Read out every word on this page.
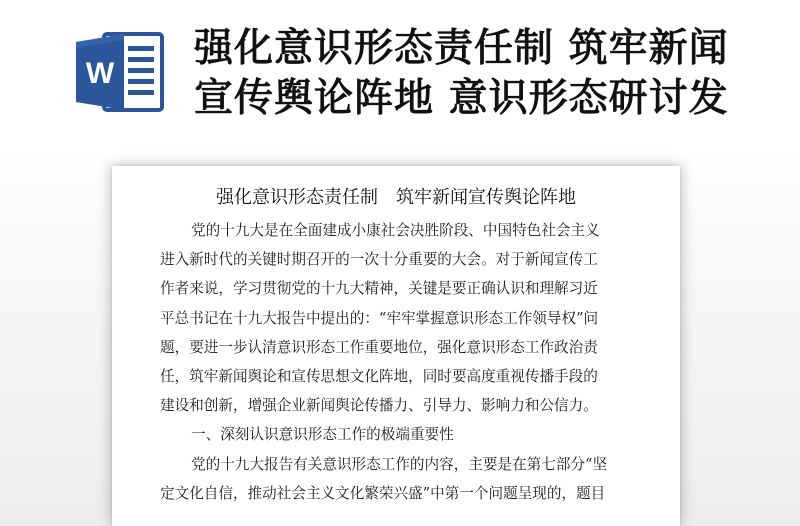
W
强化意识形态责任制 筑牢新闻
宣传舆论阵地 意识形态研讨发
强化意识形态责任制　筑牢新闻宣传舆论阵地
党的十九大是在全面建成小康社会决胜阶段、中国特色社会主义
进入新时代的关键时期召开的一次十分重要的大会。对于新闻宣传工
作者来说，学习贯彻党的十九大精神，关键是要正确认识和理解习近
平总书记在十九大报告中提出的：“牢牢掌握意识形态工作领导权”问
题，要进一步认清意识形态工作重要地位，强化意识形态工作政治责
任，筑牢新闻舆论和宣传思想文化阵地，同时要高度重视传播手段的
建设和创新，增强企业新闻舆论传播力、引导力、影响力和公信力。
一、深刻认识意识形态工作的极端重要性
党的十九大报告有关意识形态工作的内容，主要是在第七部分“坚
定文化自信，推动社会主义文化繁荣兴盛”中第一个问题呈现的，题目
